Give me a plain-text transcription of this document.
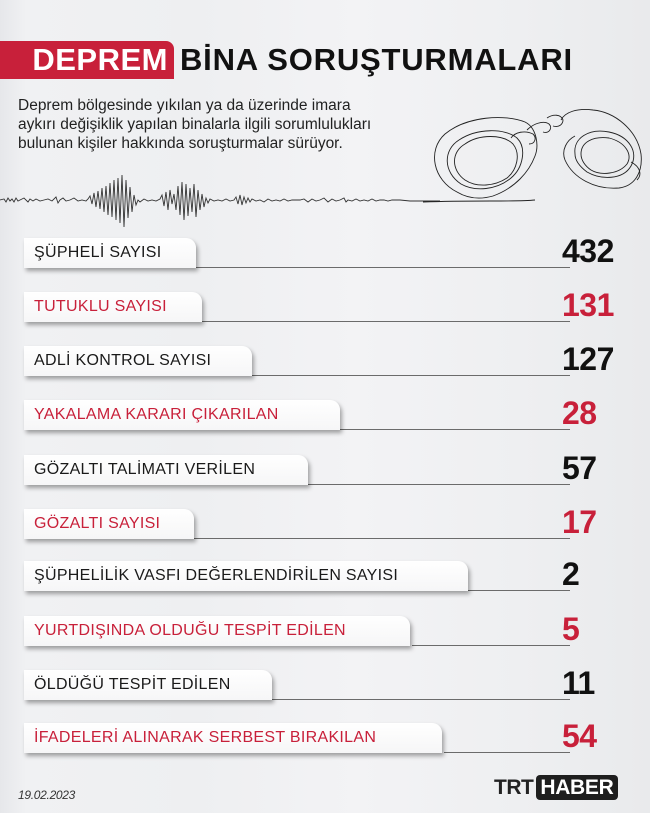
DEPREM BİNA SORUŞTURMALARI
Deprem bölgesinde yıkılan ya da üzerinde imara
aykırı değişiklik yapılan binalarla ilgili sorumlulukları
bulunan kişiler hakkında soruşturmalar sürüyor.
ŞÜPHELİ SAYISI	432
TUTUKLU SAYISI	131
ADLİ KONTROL SAYISI	127
YAKALAMA KARARI ÇIKARILAN	28
GÖZALTI TALİMATI VERİLEN	57
GÖZALTI SAYISI	17
ŞÜPHELİLİK VASFI DEĞERLENDİRİLEN SAYISI	2
YURTDIŞINDA OLDUĞU TESPİT EDİLEN	5
ÖLDÜĞÜ TESPİT EDİLEN	11
İFADELERİ ALINARAK SERBEST BIRAKILAN	54
19.02.2023	TRT HABER
